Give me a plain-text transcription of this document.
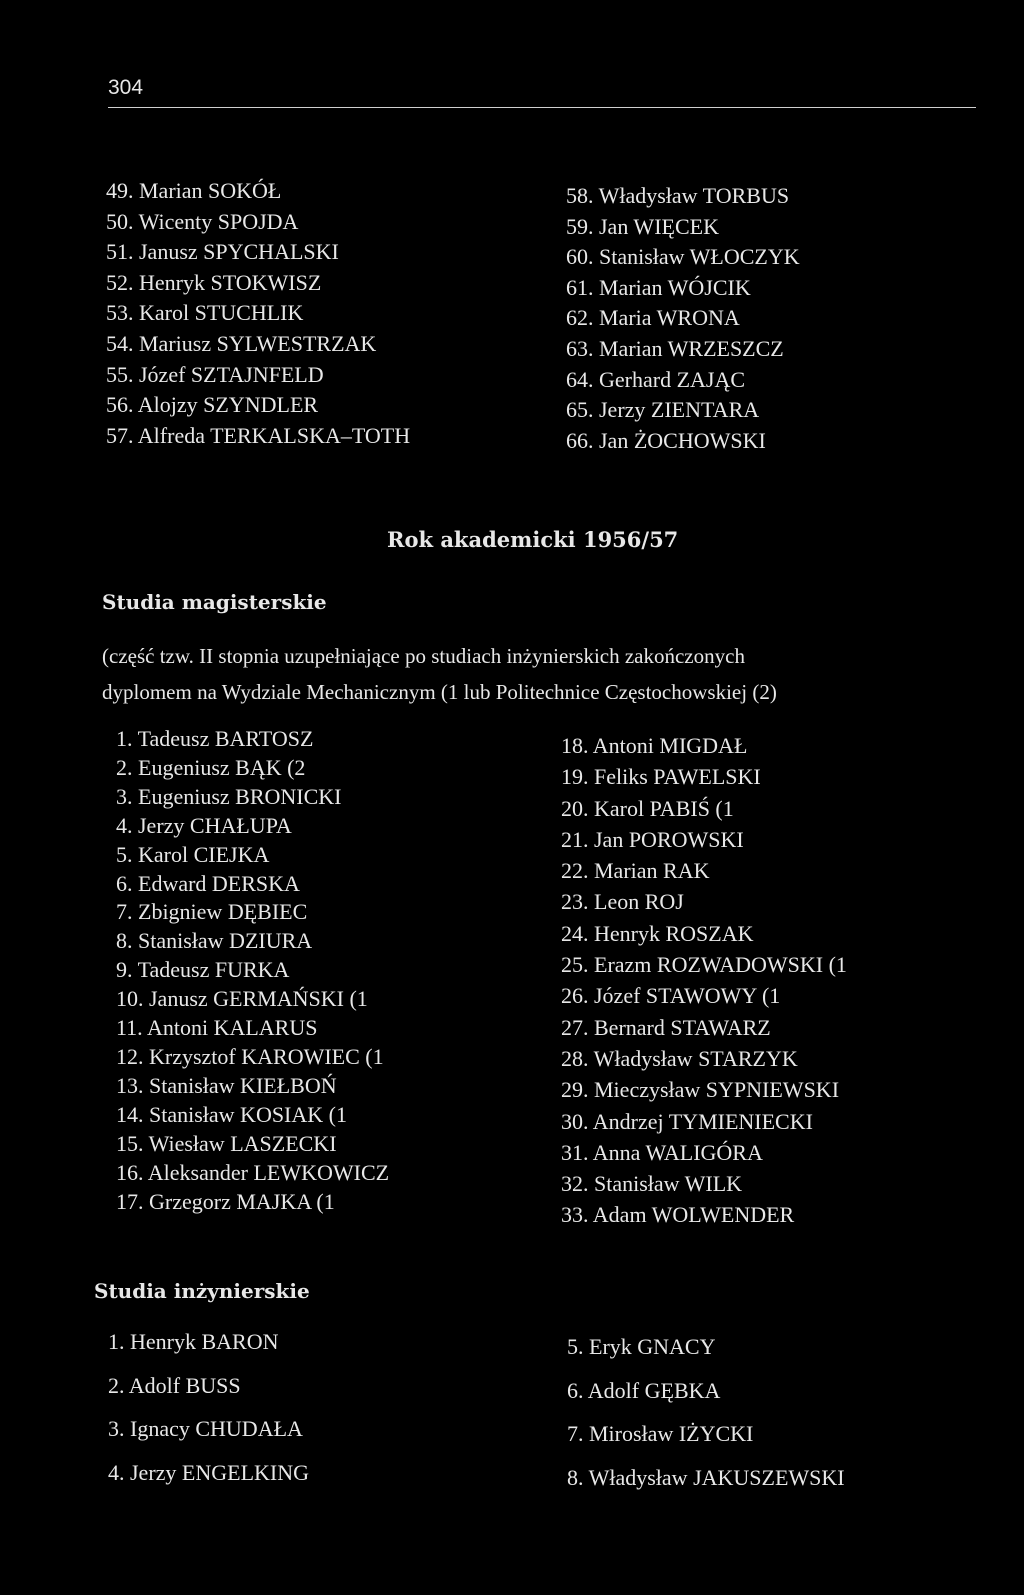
304
49. Marian SOKÓŁ
50. Wicenty SPOJDA
51. Janusz SPYCHALSKI
52. Henryk STOKWISZ
53. Karol STUCHLIK
54. Mariusz SYLWESTRZAK
55. Józef SZTAJNFELD
56. Alojzy SZYNDLER
57. Alfreda TERKALSKA–TOTH
58. Władysław TORBUS
59. Jan WIĘCEK
60. Stanisław WŁOCZYK
61. Marian WÓJCIK
62. Maria WRONA
63. Marian WRZESZCZ
64. Gerhard ZAJĄC
65. Jerzy ZIENTARA
66. Jan ŻOCHOWSKI
Rok akademicki 1956/57
Studia magisterskie
(część tzw. II stopnia uzupełniające po studiach inżynierskich zakończonych
dyplomem na Wydziale Mechanicznym (1 lub Politechnice Częstochowskiej (2)
1. Tadeusz BARTOSZ
2. Eugeniusz BĄK (2
3. Eugeniusz BRONICKI
4. Jerzy CHAŁUPA
5. Karol CIEJKA
6. Edward DERSKA
7. Zbigniew DĘBIEC
8. Stanisław DZIURA
9. Tadeusz FURKA
10. Janusz GERMAŃSKI (1
11. Antoni KALARUS
12. Krzysztof KAROWIEC (1
13. Stanisław KIEŁBOŃ
14. Stanisław KOSIAK (1
15. Wiesław LASZECKI
16. Aleksander LEWKOWICZ
17. Grzegorz MAJKA (1
18. Antoni MIGDAŁ
19. Feliks PAWELSKI
20. Karol PABIŚ (1
21. Jan POROWSKI
22. Marian RAK
23. Leon ROJ
24. Henryk ROSZAK
25. Erazm ROZWADOWSKI (1
26. Józef STAWOWY (1
27. Bernard STAWARZ
28. Władysław STARZYK
29. Mieczysław SYPNIEWSKI
30. Andrzej TYMIENIECKI
31. Anna WALIGÓRA
32. Stanisław WILK
33. Adam WOLWENDER
Studia inżynierskie
1. Henryk BARON
2. Adolf BUSS
3. Ignacy CHUDAŁA
4. Jerzy ENGELKING
5. Eryk GNACY
6. Adolf GĘBKA
7. Mirosław IŻYCKI
8. Władysław JAKUSZEWSKI
